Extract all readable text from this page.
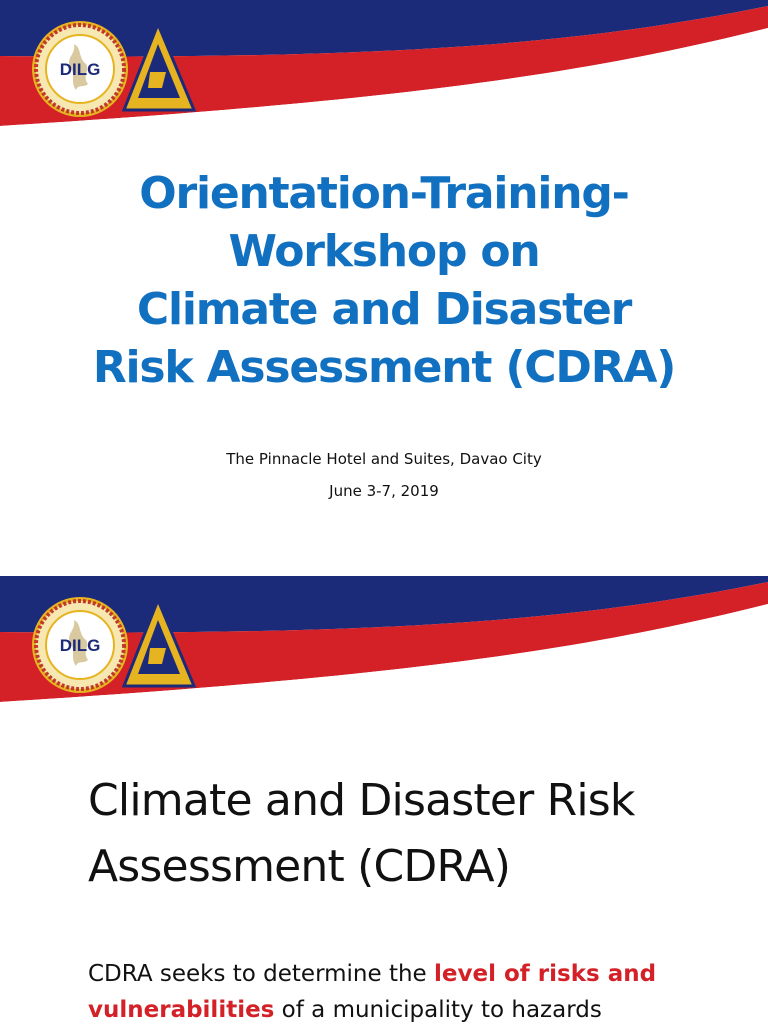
DILG
Orientation-Training-
Workshop on
Climate and Disaster
Risk Assessment (CDRA)

The Pinnacle Hotel and Suites, Davao City

June 3-7, 2019

DILG
Climate and Disaster Risk
Assessment (CDRA)

CDRA seeks to determine the level of risks and vulnerabilities of a municipality to hazards
